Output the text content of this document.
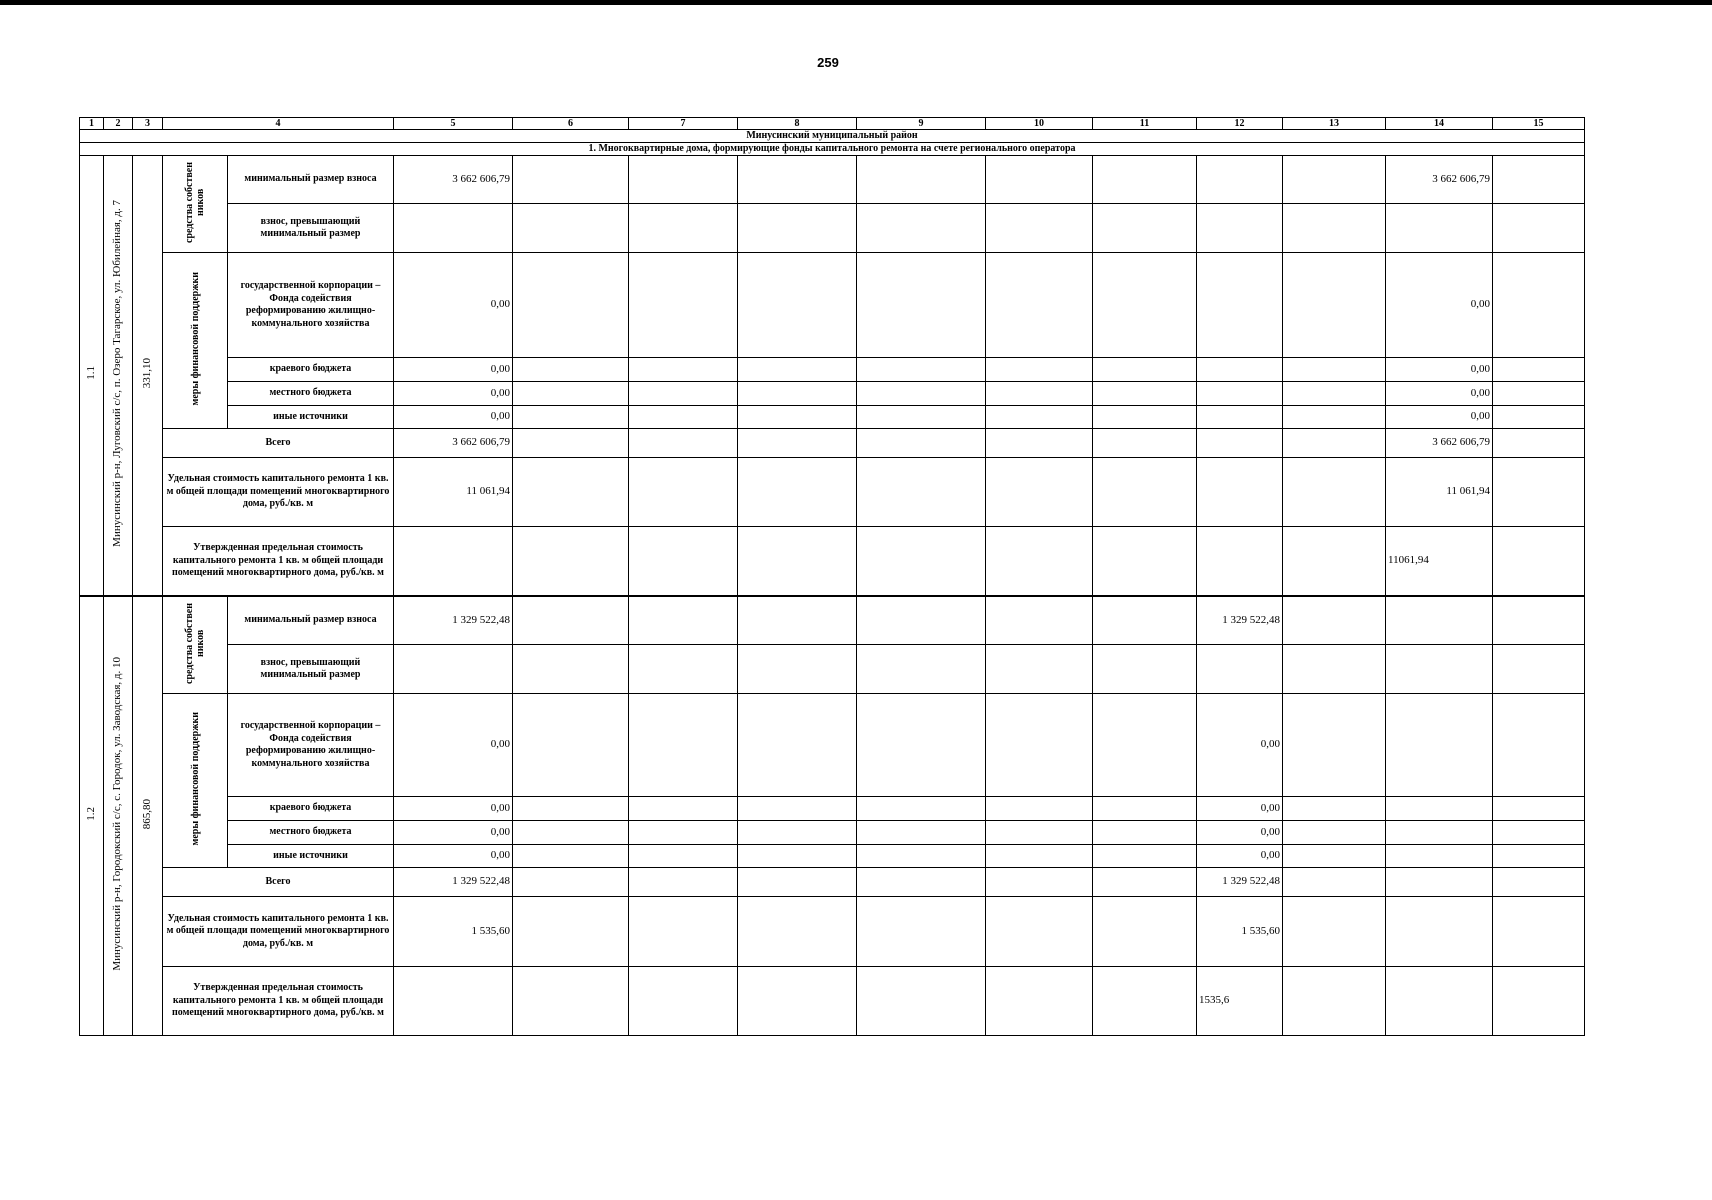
259
1	2	3	4		5	6	7	8	9	10	11	12	13	14	15
Минусинский муниципальный район															
1. Многоквартирные дома, формирующие фонды капитального ремонта на счете регионального оператора															
1.1	Минусинский р-н, Луговский с/с, п. Озеро Тагарское, ул. Юбилейная, д. 7	331,10	средства собствен ников	минимальный размер взноса	3 662 606,79									3 662 606,79	
				взнос, превышающий минимальный размер											
			меры финансовой поддержки	государственной корпорации – Фонда содействия реформированию жилищно-коммунального хозяйства	0,00									0,00	
				краевого бюджета	0,00									0,00	
				местного бюджета	0,00									0,00	
				иные источники	0,00									0,00	
			Всего		3 662 606,79									3 662 606,79	
			Удельная стоимость капитального ремонта 1 кв. м общей площади помещений многоквартирного дома, руб./кв. м		11 061,94									11 061,94	
			Утвержденная предельная стоимость капитального ремонта 1 кв. м общей площади помещений многоквартирного дома, руб./кв. м											11061,94	
1.2	Минусинский р-н, Городокский с/с, с. Городок, ул. Заводская, д. 10	865,80	средства собствен ников	минимальный размер взноса	1 329 522,48							1 329 522,48			
				взнос, превышающий минимальный размер											
			меры финансовой поддержки	государственной корпорации – Фонда содействия реформированию жилищно-коммунального хозяйства	0,00							0,00			
				краевого бюджета	0,00							0,00			
				местного бюджета	0,00							0,00			
				иные источники	0,00							0,00			
			Всего		1 329 522,48							1 329 522,48			
			Удельная стоимость капитального ремонта 1 кв. м общей площади помещений многоквартирного дома, руб./кв. м		1 535,60							1 535,60			
			Утвержденная предельная стоимость капитального ремонта 1 кв. м общей площади помещений многоквартирного дома, руб./кв. м									1535,6			
